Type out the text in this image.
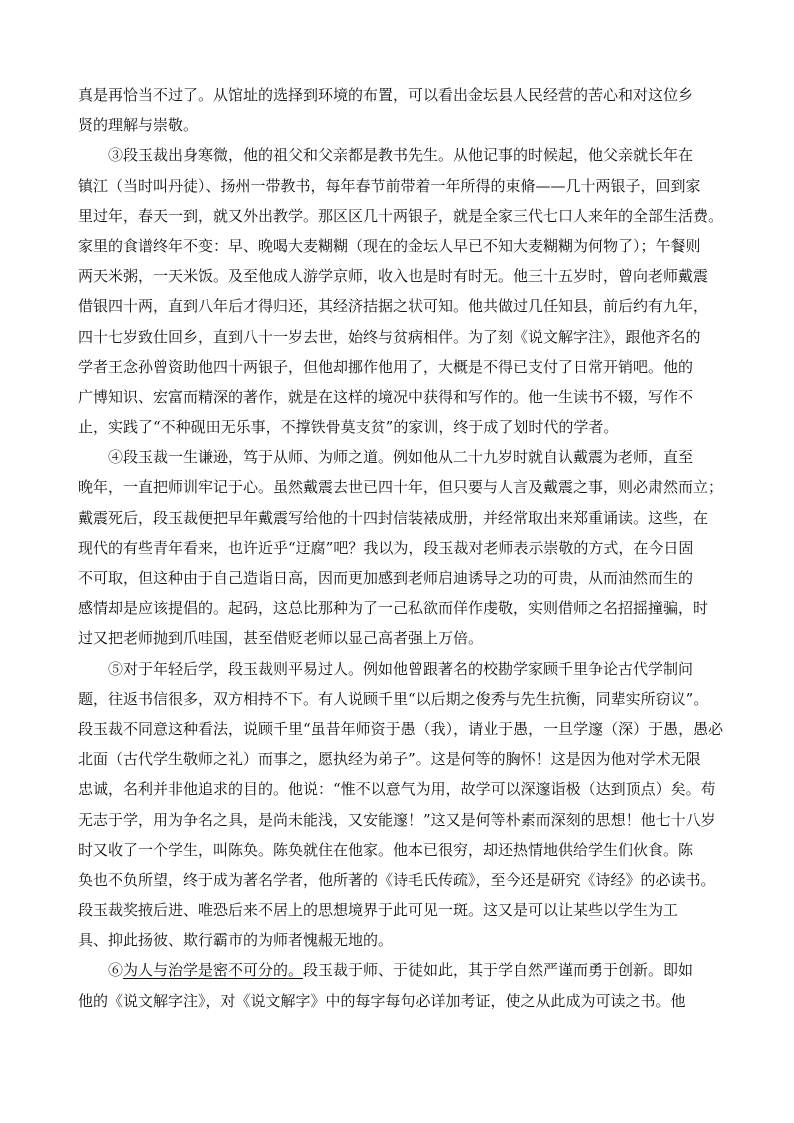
真是再恰当不过了。从馆址的选择到环境的布置，可以看出金坛县人民经营的苦心和对这位乡
贤的理解与崇敬。
　　③段玉裁出身寒微，他的祖父和父亲都是教书先生。从他记事的时候起，他父亲就长年在
镇江（当时叫丹徒）、扬州一带教书，每年春节前带着一年所得的束脩——几十两银子，回到家
里过年，春天一到，就又外出教学。那区区几十两银子，就是全家三代七口人来年的全部生活费。
家里的食谱终年不变：早、晚喝大麦糊糊（现在的金坛人早已不知大麦糊糊为何物了）；午餐则
两天米粥，一天米饭。及至他成人游学京师，收入也是时有时无。他三十五岁时，曾向老师戴震
借银四十两，直到八年后才得归还，其经济拮据之状可知。他共做过几任知县，前后约有九年，
四十七岁致仕回乡，直到八十一岁去世，始终与贫病相伴。为了刻《说文解字注》，跟他齐名的
学者王念孙曾资助他四十两银子，但他却挪作他用了，大概是不得已支付了日常开销吧。他的
广博知识、宏富而精深的著作，就是在这样的境况中获得和写作的。他一生读书不辍，写作不
止，实践了“不种砚田无乐事，不撑铁骨莫支贫”的家训，终于成了划时代的学者。
　　④段玉裁一生谦逊，笃于从师、为师之道。例如他从二十九岁时就自认戴震为老师，直至
晚年，一直把师训牢记于心。虽然戴震去世已四十年，但只要与人言及戴震之事，则必肃然而立；
戴震死后，段玉裁便把早年戴震写给他的十四封信装裱成册，并经常取出来郑重诵读。这些，在
现代的有些青年看来，也许近乎“迂腐”吧？我以为，段玉裁对老师表示崇敬的方式，在今日固
不可取，但这种由于自己造诣日高，因而更加感到老师启迪诱导之功的可贵，从而油然而生的
感情却是应该提倡的。起码，这总比那种为了一己私欲而佯作虔敬，实则借师之名招摇撞骗，时
过又把老师抛到爪哇国，甚至借贬老师以显己高者强上万倍。
　　⑤对于年轻后学，段玉裁则平易过人。例如他曾跟著名的校勘学家顾千里争论古代学制问
题，往返书信很多，双方相持不下。有人说顾千里“以后期之俊秀与先生抗衡，同辈实所窃议”。
段玉裁不同意这种看法，说顾千里“虽昔年师资于愚（我），请业于愚，一旦学邃（深）于愚，愚必
北面（古代学生敬师之礼）而事之，愿执经为弟子”。这是何等的胸怀！这是因为他对学术无限
忠诚，名利并非他追求的目的。他说：“惟不以意气为用，故学可以深邃诣极（达到顶点）矣。苟
无志于学，用为争名之具，是尚未能浅，又安能邃！”这又是何等朴素而深刻的思想！他七十八岁
时又收了一个学生，叫陈奂。陈奂就住在他家。他本已很穷，却还热情地供给学生们伙食。陈
奂也不负所望，终于成为著名学者，他所著的《诗毛氏传疏》，至今还是研究《诗经》的必读书。
段玉裁奖掖后进、唯恐后来不居上的思想境界于此可见一斑。这又是可以让某些以学生为工
具、抑此扬彼、欺行霸市的为师者愧赧无地的。
　　⑥为人与治学是密不可分的。段玉裁于师、于徒如此，其于学自然严谨而勇于创新。即如
他的《说文解字注》，对《说文解字》中的每字每句必详加考证，使之从此成为可读之书。他
